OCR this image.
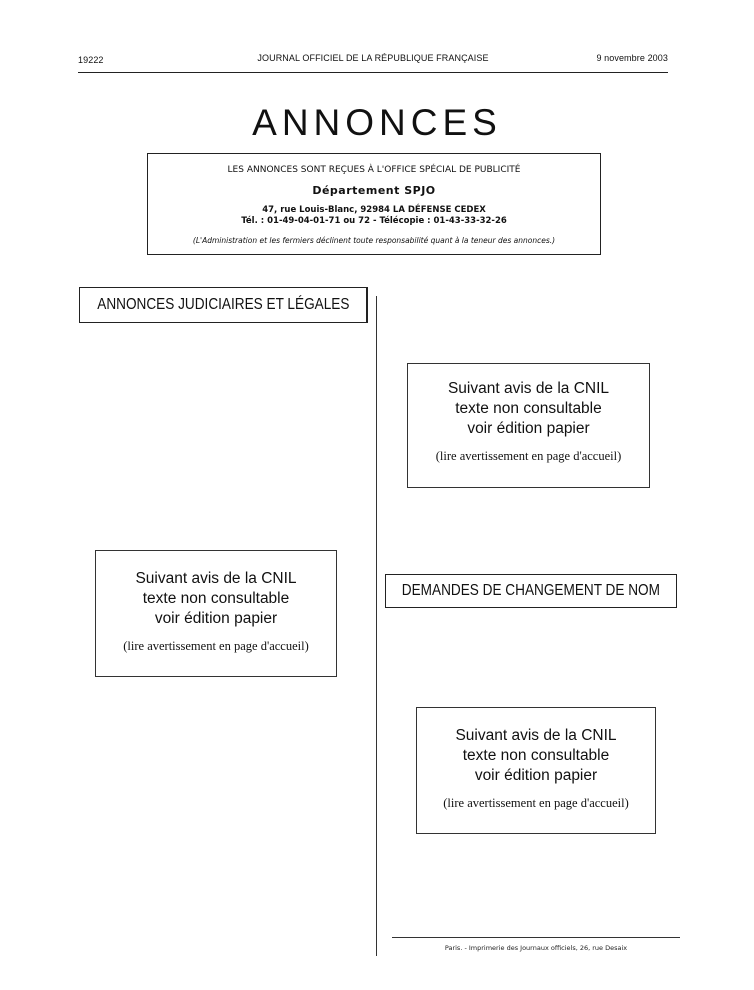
19222	JOURNAL OFFICIEL DE LA RÉPUBLIQUE FRANÇAISE	9 novembre 2003
ANNONCES
LES ANNONCES SONT REÇUES À L'OFFICE SPÉCIAL DE PUBLICITÉ
Département SPJO
47, rue Louis-Blanc, 92984 LA DÉFENSE CEDEX
Tél. : 01-49-04-01-71 ou 72 - Télécopie : 01-43-33-32-26
(L'Administration et les fermiers déclinent toute responsabilité quant à la teneur des annonces.)
ANNONCES JUDICIAIRES ET LÉGALES
Suivant avis de la CNIL
texte non consultable
voir édition papier
(lire avertissement en page d'accueil)
Suivant avis de la CNIL
texte non consultable
voir édition papier
(lire avertissement en page d'accueil)
DEMANDES DE CHANGEMENT DE NOM
Suivant avis de la CNIL
texte non consultable
voir édition papier
(lire avertissement en page d'accueil)
Paris. - Imprimerie des Journaux officiels, 26, rue Desaix
